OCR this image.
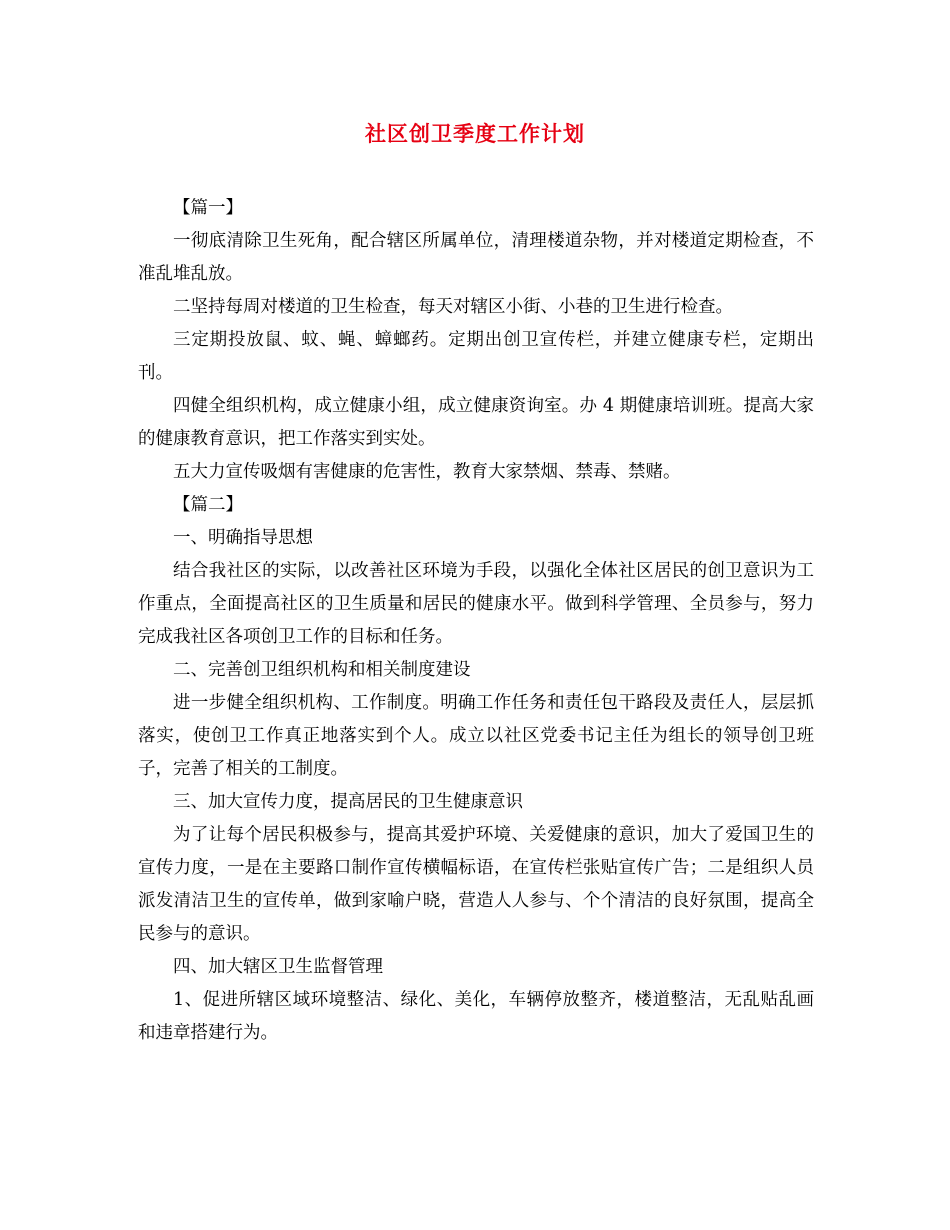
社区创卫季度工作计划

【篇一】

一彻底清除卫生死角，配合辖区所属单位，清理楼道杂物，并对楼道定期检查，不准乱堆乱放。

二坚持每周对楼道的卫生检查，每天对辖区小街、小巷的卫生进行检查。

三定期投放鼠、蚊、蝇、蟑螂药。定期出创卫宣传栏，并建立健康专栏，定期出刊。

四健全组织机构，成立健康小组，成立健康资询室。办 4 期健康培训班。提高大家的健康教育意识，把工作落实到实处。

五大力宣传吸烟有害健康的危害性，教育大家禁烟、禁毒、禁赌。

【篇二】

一、明确指导思想

结合我社区的实际，以改善社区环境为手段，以强化全体社区居民的创卫意识为工作重点，全面提高社区的卫生质量和居民的健康水平。做到科学管理、全员参与，努力完成我社区各项创卫工作的目标和任务。

二、完善创卫组织机构和相关制度建设

进一步健全组织机构、工作制度。明确工作任务和责任包干路段及责任人，层层抓落实，使创卫工作真正地落实到个人。成立以社区党委书记主任为组长的领导创卫班子，完善了相关的工制度。

三、加大宣传力度，提高居民的卫生健康意识

为了让每个居民积极参与，提高其爱护环境、关爱健康的意识，加大了爱国卫生的宣传力度，一是在主要路口制作宣传横幅标语，在宣传栏张贴宣传广告；二是组织人员派发清洁卫生的宣传单，做到家喻户晓，营造人人参与、个个清洁的良好氛围，提高全民参与的意识。

四、加大辖区卫生监督管理

1、促进所辖区域环境整洁、绿化、美化，车辆停放整齐，楼道整洁，无乱贴乱画和违章搭建行为。
